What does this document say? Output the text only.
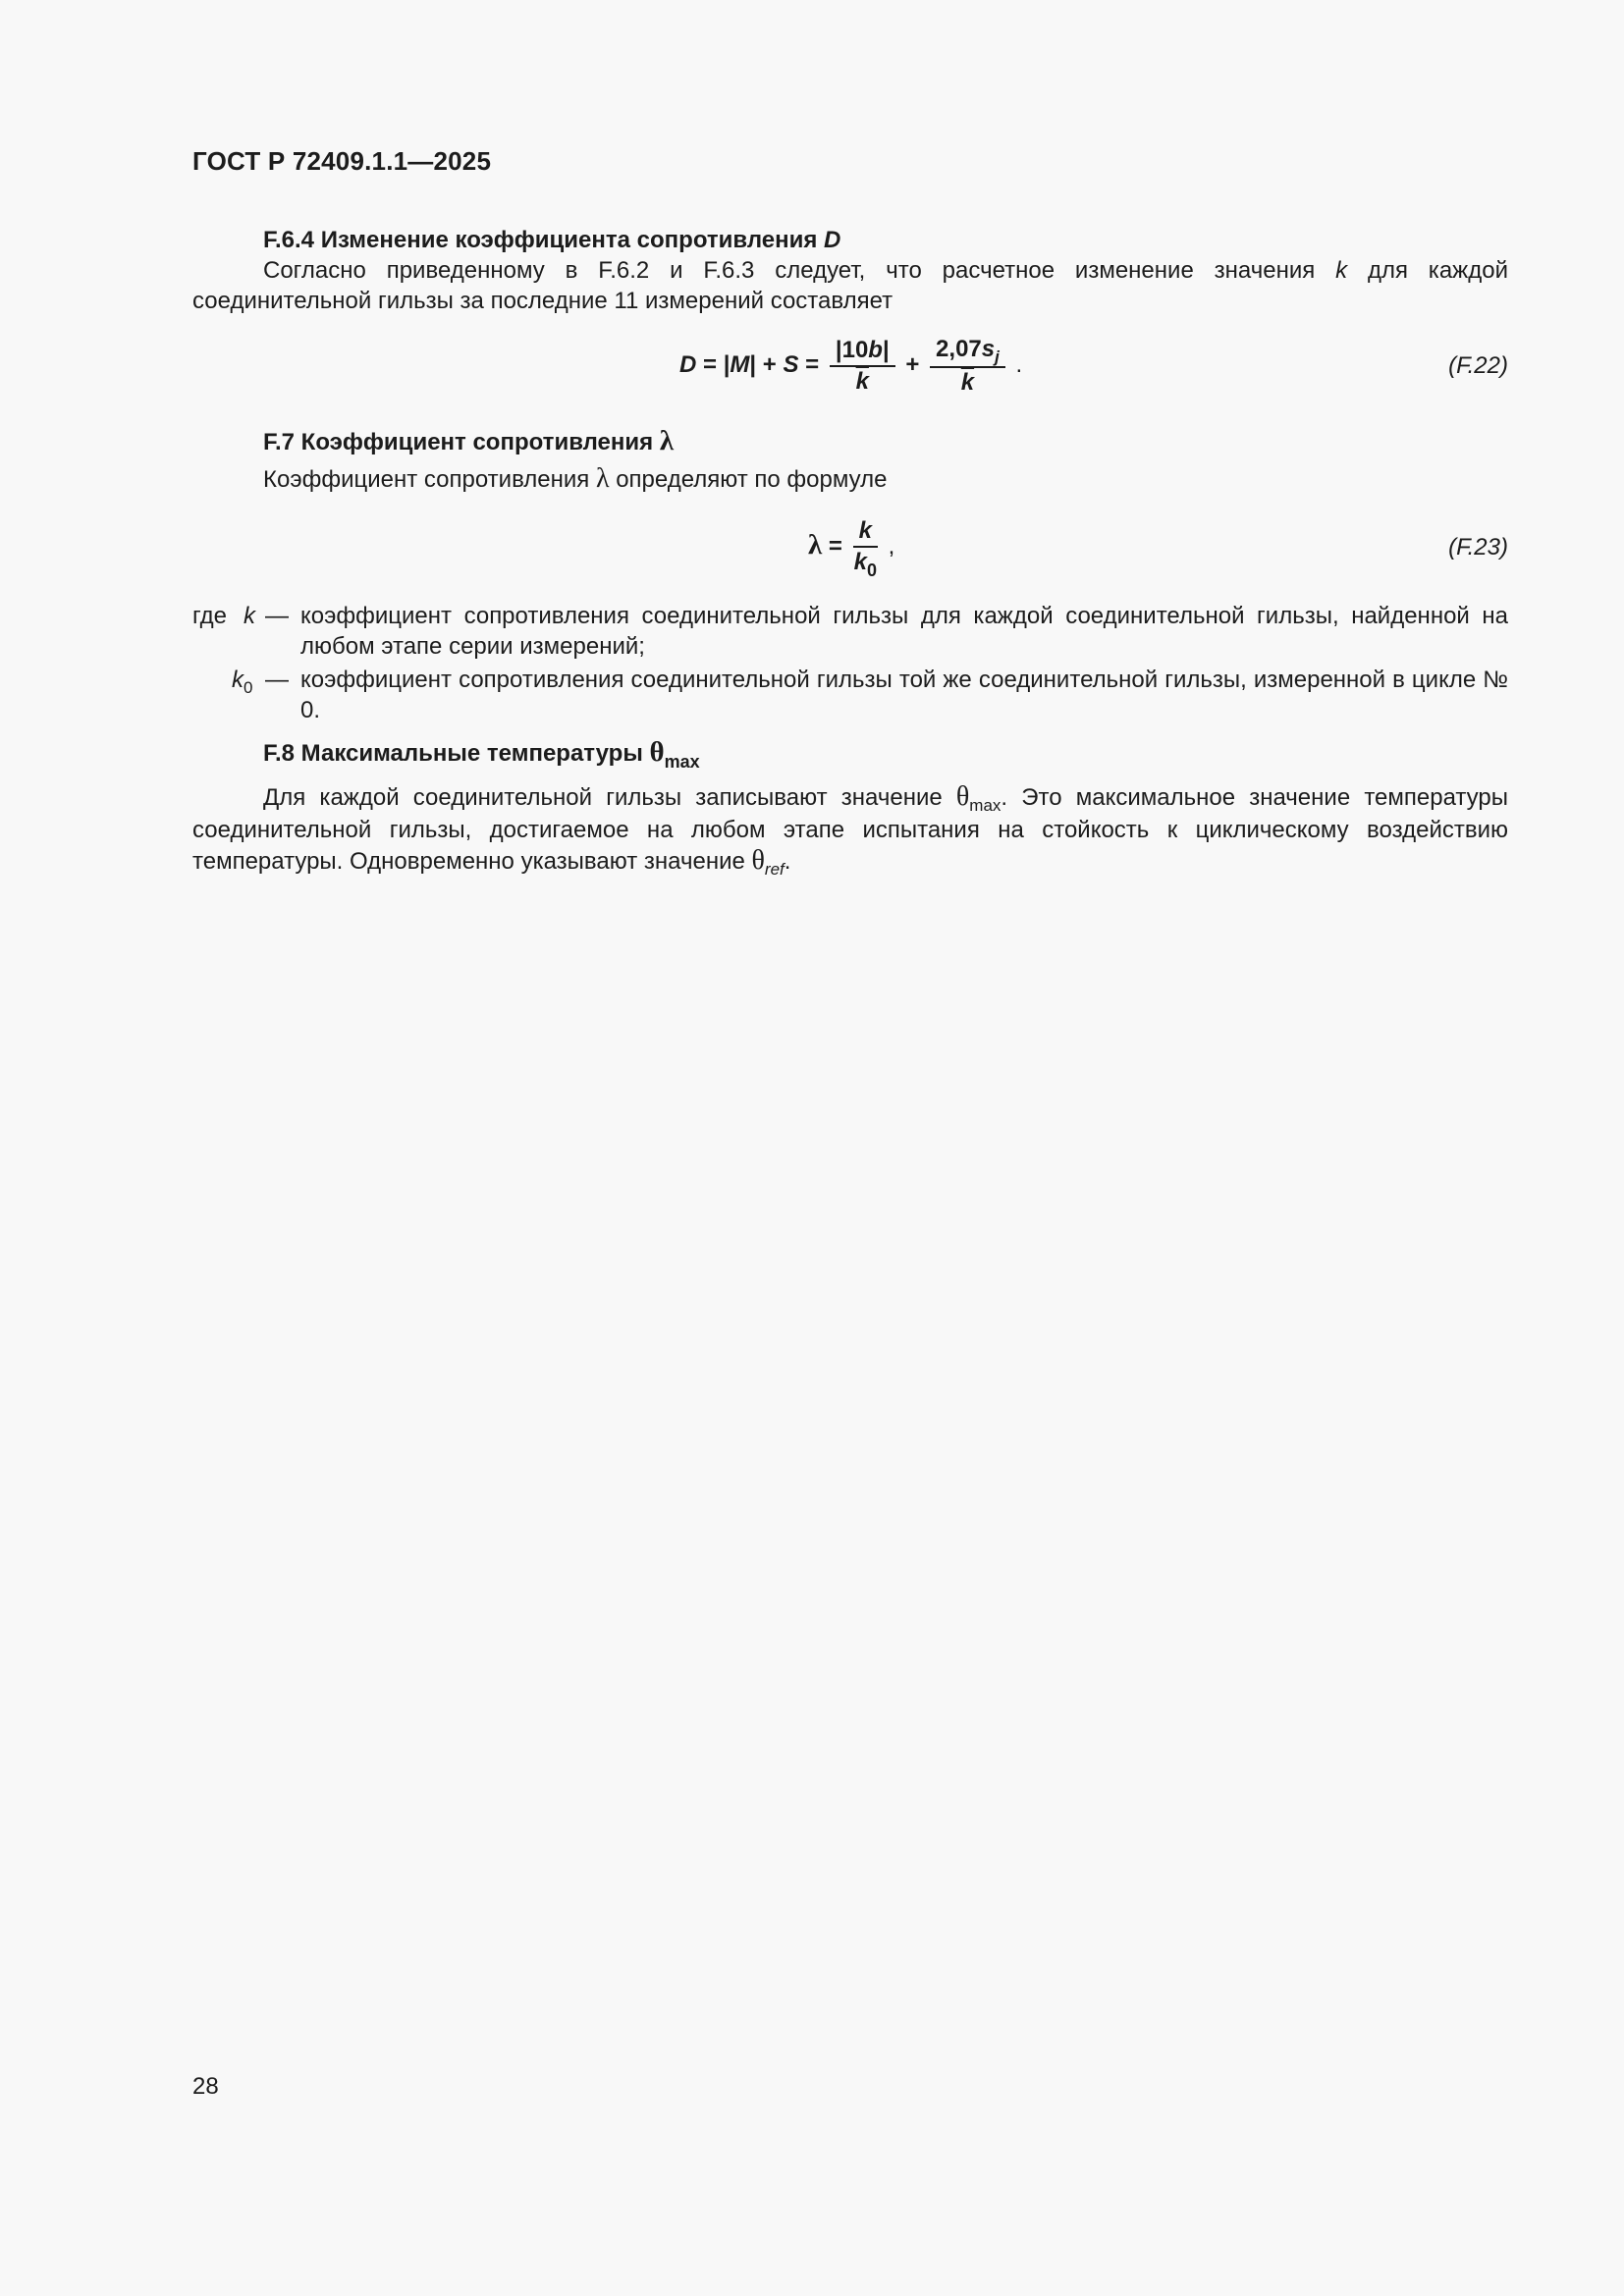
ГОСТ Р 72409.1.1—2025
F.6.4 Изменение коэффициента сопротивления D
Согласно приведенному в F.6.2 и F.6.3 следует, что расчетное изменение значения k для каждой соединительной гильзы за последние 11 измерений составляет
$D = |M| + S = \frac{|10b|}{k} + \frac{2,07s_j}{k}$ .	(F.22)
F.7 Коэффициент сопротивления λ
Коэффициент сопротивления λ определяют по формуле
$\lambda = \frac{k}{k_0}$ ,	(F.23)
где k — коэффициент сопротивления соединительной гильзы для каждой соединительной гильзы, найденной на любом этапе серии измерений;
$k_0$ — коэффициент сопротивления соединительной гильзы той же соединительной гильзы, измеренной в цикле № 0.
F.8 Максимальные температуры $\theta_{max}$
Для каждой соединительной гильзы записывают значение $\theta_{max}$. Это максимальное значение температуры соединительной гильзы, достигаемое на любом этапе испытания на стойкость к циклическому воздействию температуры. Одновременно указывают значение $\theta_{ref}$.
28
